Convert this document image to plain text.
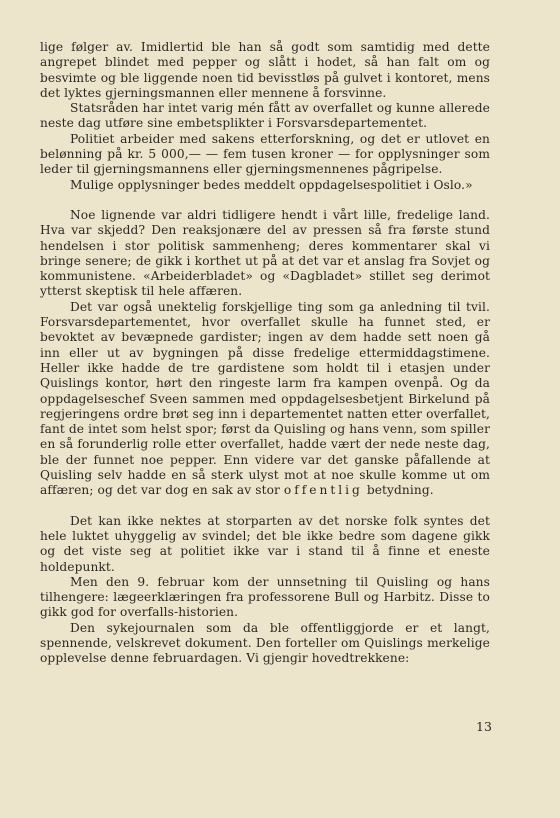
lige følger av. Imidlertid ble han så godt som samtidig med dette angrepet blindet med pepper og slått i hodet, så han falt om og besvimte og ble liggende noen tid bevisstløs på gulvet i kontoret, mens det lyktes gjerningsmannen eller mennene å forsvinne.

Statsråden har intet varig mén fått av overfallet og kunne allerede neste dag utføre sine embetsplikter i Forsvarsdepartementet.

Politiet arbeider med sakens etterforskning, og det er utlovet en belønning på kr. 5 000,— — fem tusen kroner — for opplysninger som leder til gjerningsmannens eller gjerningsmennenes pågripelse.

Mulige opplysninger bedes meddelt oppdagelsespolitiet i Oslo.»

Noe lignende var aldri tidligere hendt i vårt lille, fredelige land. Hva var skjedd? Den reaksjonære del av pressen så fra første stund hendelsen i stor politisk sammenheng; deres kommentarer skal vi bringe senere; de gikk i korthet ut på at det var et anslag fra Sovjet og kommunistene. «Arbeiderbladet» og «Dagbladet» stillet seg derimot ytterst skeptisk til hele affæren.

Det var også unektelig forskjellige ting som ga anledning til tvil. Forsvarsdepartementet, hvor overfallet skulle ha funnet sted, er bevoktet av bevæpnede gardister; ingen av dem hadde sett noen gå inn eller ut av bygningen på disse fredelige ettermiddagstimene. Heller ikke hadde de tre gardistene som holdt til i etasjen under Quislings kontor, hørt den ringeste larm fra kampen ovenpå. Og da oppdagelseschef Sveen sammen med oppdagelsesbetjent Birkelund på regjeringens ordre brøt seg inn i departementet natten etter overfallet, fant de intet som helst spor; først da Quisling og hans venn, som spiller en så forunderlig rolle etter overfallet, hadde vært der nede neste dag, ble der funnet noe pepper. Enn videre var det ganske påfallende at Quisling selv hadde en så sterk ulyst mot at noe skulle komme ut om affæren; og det var dog en sak av stor offentlig betydning.

Det kan ikke nektes at storparten av det norske folk syntes det hele luktet uhyggelig av svindel; det ble ikke bedre som dagene gikk og det viste seg at politiet ikke var i stand til å finne et eneste holdepunkt.

Men den 9. februar kom der unnsetning til Quisling og hans tilhengere: lægeerklæringen fra professorene Bull og Harbitz. Disse to gikk god for overfalls-historien.

Den sykejournalen som da ble offentliggjorde er et langt, spennende, velskrevet dokument. Den forteller om Quislings merkelige opplevelse denne februardagen. Vi gjengir hovedtrekkene:

13
